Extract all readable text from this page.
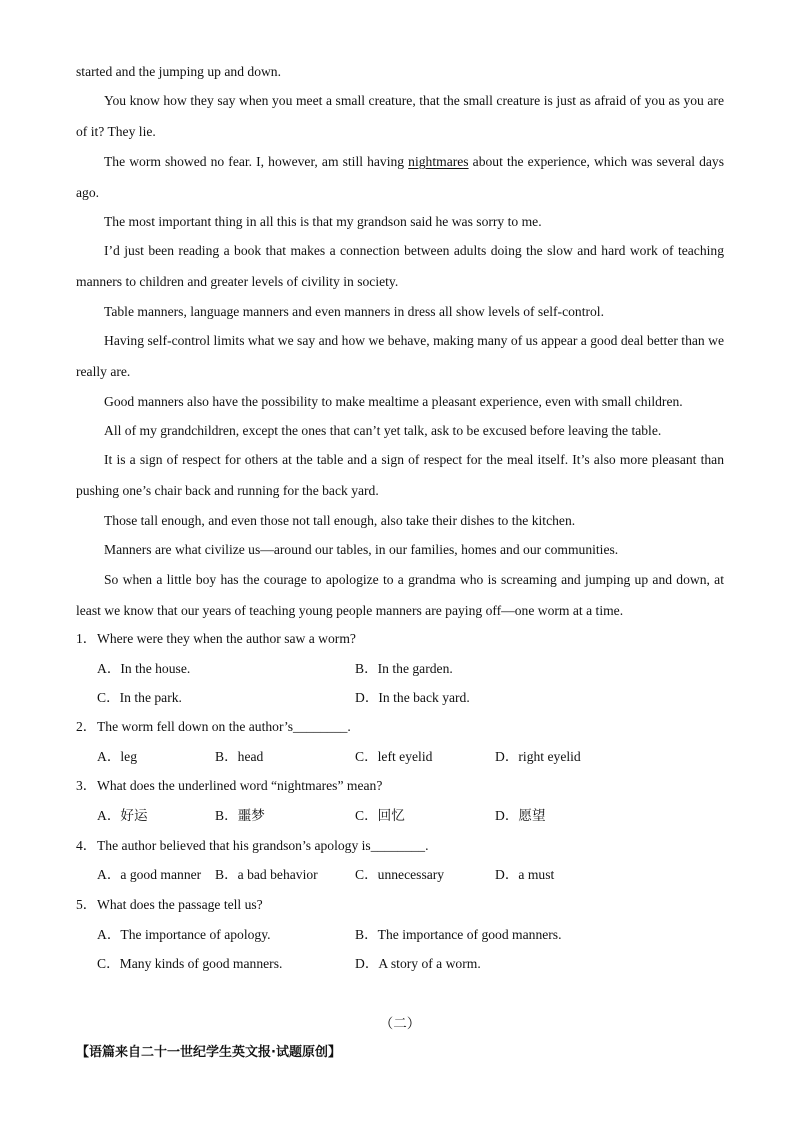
started and the jumping up and down.

You know how they say when you meet a small creature, that the small creature is just as afraid of you as you are of it? They lie.

The worm showed no fear. I, however, am still having nightmares about the experience, which was several days ago.

The most important thing in all this is that my grandson said he was sorry to me.

I’d just been reading a book that makes a connection between adults doing the slow and hard work of teaching manners to children and greater levels of civility in society.

Table manners, language manners and even manners in dress all show levels of self-control.

Having self-control limits what we say and how we behave, making many of us appear a good deal better than we really are.

Good manners also have the possibility to make mealtime a pleasant experience, even with small children.

All of my grandchildren, except the ones that can’t yet talk, ask to be excused before leaving the table.

It is a sign of respect for others at the table and a sign of respect for the meal itself. It’s also more pleasant than pushing one’s chair back and running for the back yard.

Those tall enough, and even those not tall enough, also take their dishes to the kitchen.

Manners are what civilize us—around our tables, in our families, homes and our communities.

So when a little boy has the courage to apologize to a grandma who is screaming and jumping up and down, at least we know that our years of teaching young people manners are paying off—one worm at a time.

1．Where were they when the author saw a worm?
A．In the house.	B．In the garden.
C．In the park.	D．In the back yard.
2．The worm fell down on the author’s________.
A．leg	B．head	C．left eyelid	D．right eyelid
3．What does the underlined word “nightmares” mean?
A．好运	B．噩梦	C．回忆	D．愿望
4．The author believed that his grandson’s apology is________.
A．a good manner B．a bad behavior	C．unnecessary	D．a must
5．What does the passage tell us?
A．The importance of apology.	B．The importance of good manners.
C．Many kinds of good manners.	D．A story of a worm.
（二）
【语篇来自二十一世纪学生英文报·试题原创】
